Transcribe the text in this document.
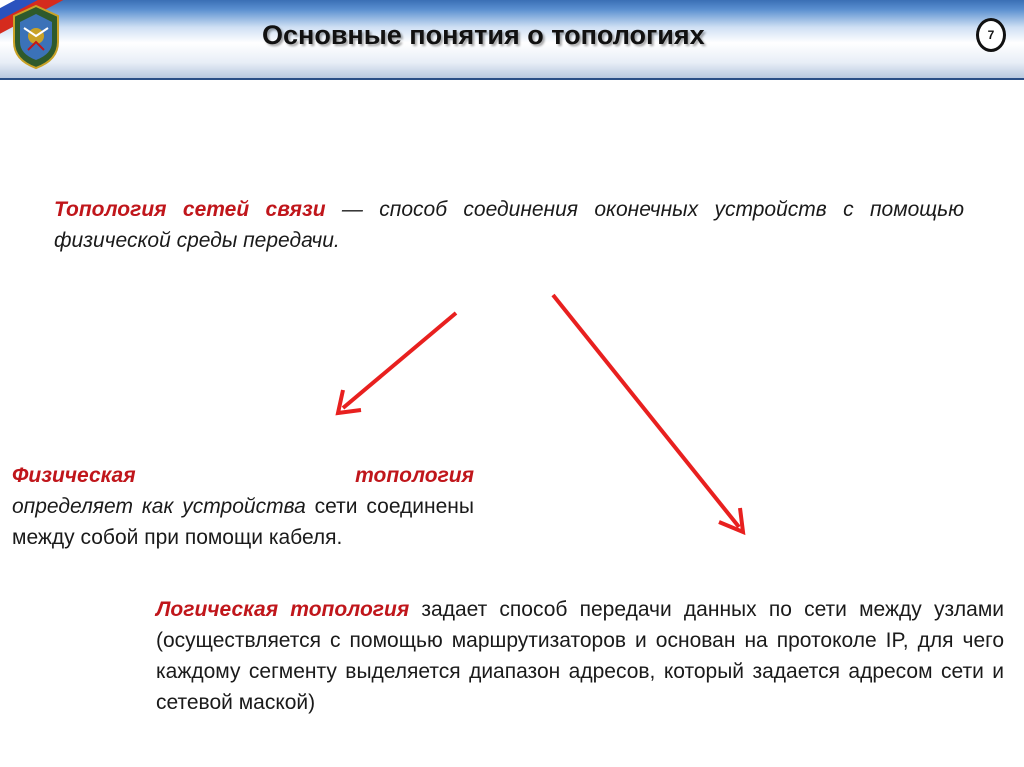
Основные понятия о топологиях	7

Топология сетей связи — способ соединения оконечных устройств с помощью физической среды передачи.

Физическая	топология
определяет как устройства сети соединены между собой при помощи кабеля.

Логическая топология задает способ передачи данных по сети между узлами (осуществляется с помощью маршрутизаторов и основан на протоколе IP, для чего каждому сегменту выделяется диапазон адресов, который задается адресом сети и сетевой маской)
